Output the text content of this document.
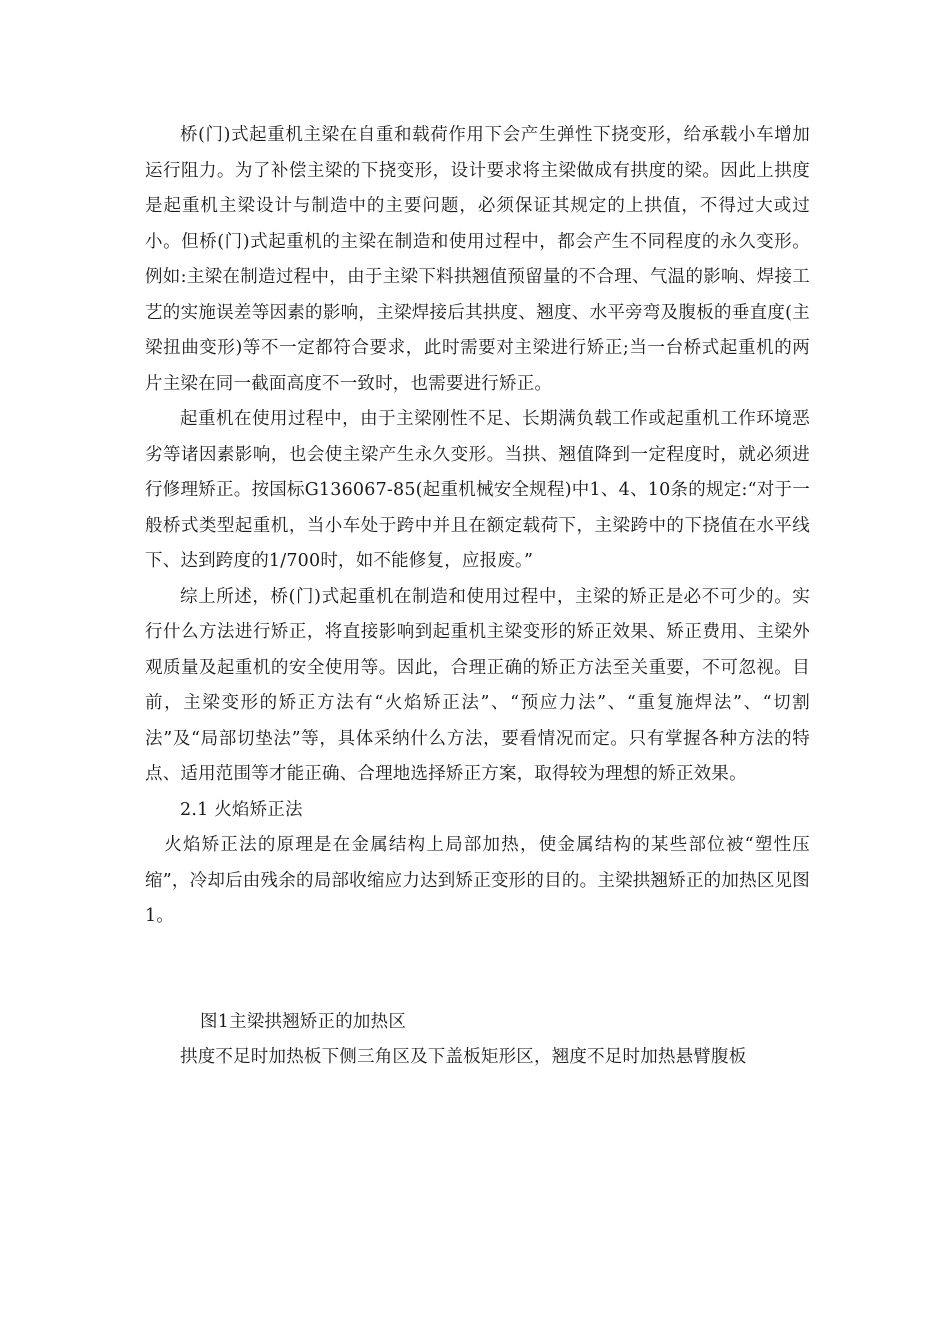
桥(门)式起重机主梁在自重和载荷作用下会产生弹性下挠变形，给承载小车增加运行阻力。为了补偿主梁的下挠变形，设计要求将主梁做成有拱度的梁。因此上拱度是起重机主梁设计与制造中的主要问题，必须保证其规定的上拱值，不得过大或过小。但桥(门)式起重机的主梁在制造和使用过程中，都会产生不同程度的永久变形。例如:主梁在制造过程中，由于主梁下料拱翘值预留量的不合理、气温的影响、焊接工艺的实施误差等因素的影响，主梁焊接后其拱度、翘度、水平旁弯及腹板的垂直度(主梁扭曲变形)等不一定都符合要求，此时需要对主梁进行矫正;当一台桥式起重机的两片主梁在同一截面高度不一致时，也需要进行矫正。

起重机在使用过程中，由于主梁刚性不足、长期满负载工作或起重机工作环境恶劣等诸因素影响，也会使主梁产生永久变形。当拱、翘值降到一定程度时，就必须进行修理矫正。按国标G136067-85(起重机械安全规程)中1、4、10条的规定:“对于一般桥式类型起重机，当小车处于跨中并且在额定载荷下，主梁跨中的下挠值在水平线下、达到跨度的1/700时，如不能修复，应报废。”

综上所述，桥(门)式起重机在制造和使用过程中，主梁的矫正是必不可少的。实行什么方法进行矫正，将直接影响到起重机主梁变形的矫正效果、矫正费用、主梁外观质量及起重机的安全使用等。因此，合理正确的矫正方法至关重要，不可忽视。目前，主梁变形的矫正方法有“火焰矫正法”、“预应力法”、“重复施焊法”、“切割法”及“局部切垫法”等，具体采纳什么方法，要看情况而定。只有掌握各种方法的特点、适用范围等才能正确、合理地选择矫正方案，取得较为理想的矫正效果。

2.1 火焰矫正法

火焰矫正法的原理是在金属结构上局部加热，使金属结构的某些部位被“塑性压缩”，冷却后由残余的局部收缩应力达到矫正变形的目的。主梁拱翘矫正的加热区见图1。

图1主梁拱翘矫正的加热区

拱度不足时加热板下侧三角区及下盖板矩形区，翘度不足时加热悬臂腹板
